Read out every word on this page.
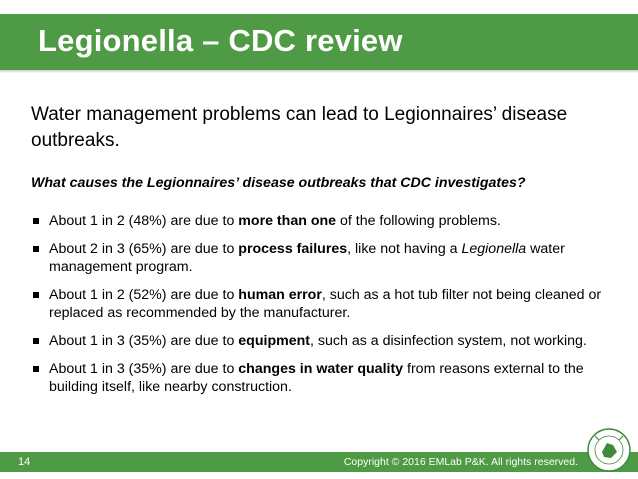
Legionella – CDC review
Water management problems can lead to Legionnaires’ disease outbreaks.
What causes the Legionnaires’ disease outbreaks that CDC investigates?
About 1 in 2 (48%) are due to more than one of the following problems.
About 2 in 3 (65%) are due to process failures, like not having a Legionella water management program.
About 1 in 2 (52%) are due to human error, such as a hot tub filter not being cleaned or replaced as recommended by the manufacturer.
About 1 in 3 (35%) are due to equipment, such as a disinfection system, not working.
About 1 in 3 (35%) are due to changes in water quality from reasons external to the building itself, like nearby construction.
14	Copyright © 2016 EMLab P&K. All rights reserved.
